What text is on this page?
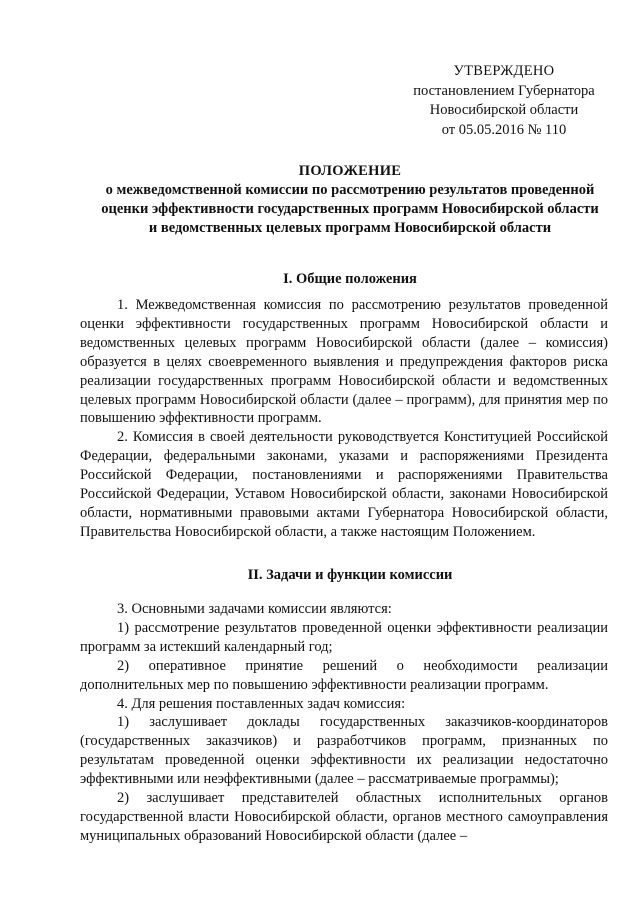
УТВЕРЖДЕНО
постановлением Губернатора
Новосибирской области
от 05.05.2016 № 110
ПОЛОЖЕНИЕ
о межведомственной комиссии по рассмотрению результатов проведенной
оценки эффективности государственных программ Новосибирской области
и ведомственных целевых программ Новосибирской области
I. Общие положения

1. Межведомственная комиссия по рассмотрению результатов проведенной оценки эффективности государственных программ Новосибирской области и ведомственных целевых программ Новосибирской области (далее – комиссия) образуется в целях своевременного выявления и предупреждения факторов риска реализации государственных программ Новосибирской области и ведомственных целевых программ Новосибирской области (далее – программ), для принятия мер по повышению эффективности программ.

2. Комиссия в своей деятельности руководствуется Конституцией Российской Федерации, федеральными законами, указами и распоряжениями Президента Российской Федерации, постановлениями и распоряжениями Правительства Российской Федерации, Уставом Новосибирской области, законами Новосибирской области, нормативными правовыми актами Губернатора Новосибирской области, Правительства Новосибирской области, а также настоящим Положением.

II. Задачи и функции комиссии

3. Основными задачами комиссии являются:

1) рассмотрение результатов проведенной оценки эффективности реализации программ за истекший календарный год;

2) оперативное принятие решений о необходимости реализации дополнительных мер по повышению эффективности реализации программ.

4. Для решения поставленных задач комиссия:

1) заслушивает доклады государственных заказчиков-координаторов (государственных заказчиков) и разработчиков программ, признанных по результатам проведенной оценки эффективности их реализации недостаточно эффективными или неэффективными (далее – рассматриваемые программы);

2) заслушивает представителей областных исполнительных органов государственной власти Новосибирской области, органов местного самоуправления муниципальных образований Новосибирской области (далее –
